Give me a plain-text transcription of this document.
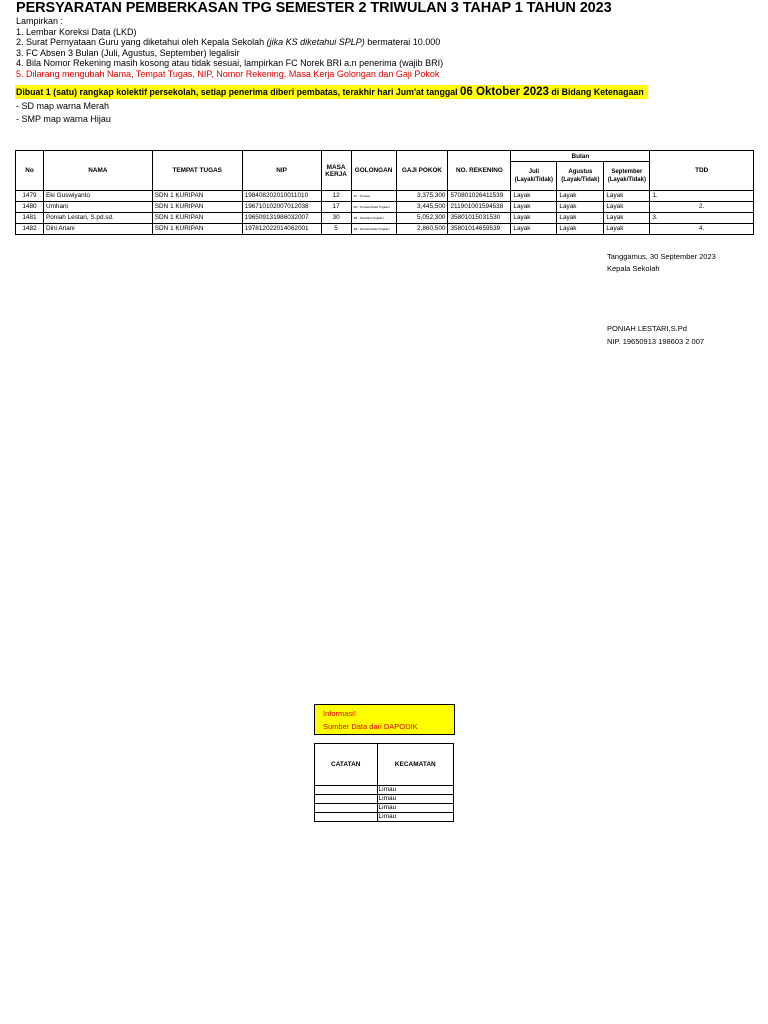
PERSYARATAN PEMBERKASAN TPG SEMESTER 2 TRIWULAN 3 TAHAP 1 TAHUN 2023
Lampirkan :
1. Lembar Koreksi Data (LKD)
2. Surat Pernyataan Guru yang diketahui oleh Kepala Sekolah (jika KS diketahui SPLP) bermaterai 10.000
3. FC Absen 3 Bulan (Juli, Agustus, September) legalisir
4. Bila Nomor Rekening masih kosong atau tidak sesuai, lampirkan FC Norek BRI a.n penerima (wajib BRI)
5. Dilarang mengubah Nama, Tempat Tugas, NIP, Nomor Rekening, Masa Kerja Golongan dan Gaji Pokok
Dibuat 1 (satu) rangkap kolektif persekolah, setiap penerima diberi pembatas, terakhir hari Jum'at tanggal 06 Oktober 2023 di Bidang Ketenagaan
- SD map warna Merah
- SMP map warna Hijau
No	NAMA	TEMPAT TUGAS	NIP	MASA KERJA	GOLONGAN	GAJI POKOK	NO. REKENING	Bulan			TDD
								Juli (Layak/Tidak)	Agustus (Layak/Tidak)	September (Layak/Tidak)	
1479	Eki Guswiyanto	SDN 1 KURIPAN	198408202010011010	12	3C - Penata	3,375,300	570801026411539	Layak	Layak	Layak	1.
1480	Umhani	SDN 1 KURIPAN	196710102007012038	17	3D - Penata Muda Tingkat I	3,445,500	211901001594538	Layak	Layak	Layak	2.
1481	Poniah Lestari, S.pd.sd.	SDN 1 KURIPAN	196509131986032007	30	4B - Pembina Tingkat I	5,052,300	35801015031530	Layak	Layak	Layak	3.
1482	Dini Ariani	SDN 1 KURIPAN	197812022014062001	5	3B - Penata Muda Tingkat I	2,860,500	35801014659539	Layak	Layak	Layak	4.
Tanggamus, 30 September 2023
Kepala Sekolah
PONIAH LESTARI,S.Pd
NIP. 19650913 198603 2 007
Informasi!
Sumber Data dari DAPODIK
CATATAN	KECAMATAN
	Limau
	Limau
	Limau
	Limau
